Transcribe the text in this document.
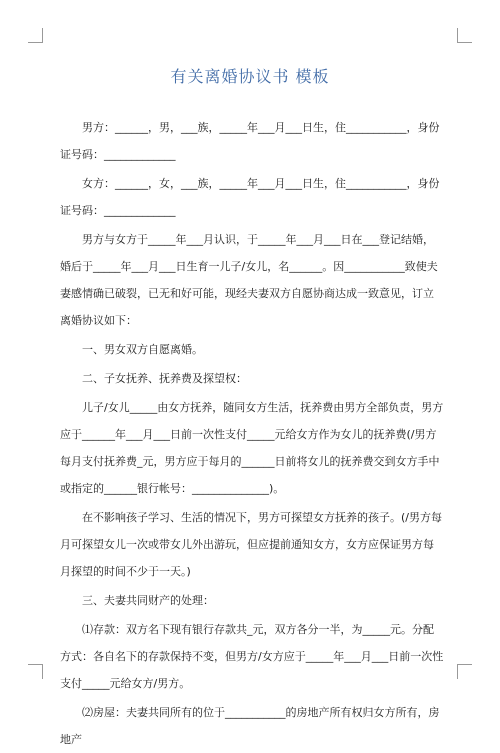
有关离婚协议书 模板

男方：______，男，___族，_____年___月___日生，住___________，身份证号码：_____________

女方：______，女，___族，_____年___月___日生，住___________，身份证号码：_____________

男方与女方于_____年___月认识，于_____年___月___日在___登记结婚，婚后于_____年___月___日生育一儿子/女儿，名______。因___________致使夫妻感情确已破裂，已无和好可能，现经夫妻双方自愿协商达成一致意见，订立离婚协议如下：

一、男女双方自愿离婚。

二、子女抚养、抚养费及探望权：

儿子/女儿_____由女方抚养，随同女方生活，抚养费由男方全部负责，男方应于______年___月___日前一次性支付_____元给女方作为女儿的抚养费(/男方每月支付抚养费_元，男方应于每月的______日前将女儿的抚养费交到女方手中或指定的______银行帐号：______________)。

在不影响孩子学习、生活的情况下，男方可探望女方抚养的孩子。(/男方每月可探望女儿一次或带女儿外出游玩，但应提前通知女方，女方应保证男方每月探望的时间不少于一天。)

三、夫妻共同财产的处理：

⑴存款：双方名下现有银行存款共_元，双方各分一半，为_____元。分配方式：各自名下的存款保持不变，但男方/女方应于_____年___月___日前一次性支付_____元给女方/男方。

⑵房屋：夫妻共同所有的位于___________的房地产所有权归女方所有，房地产
